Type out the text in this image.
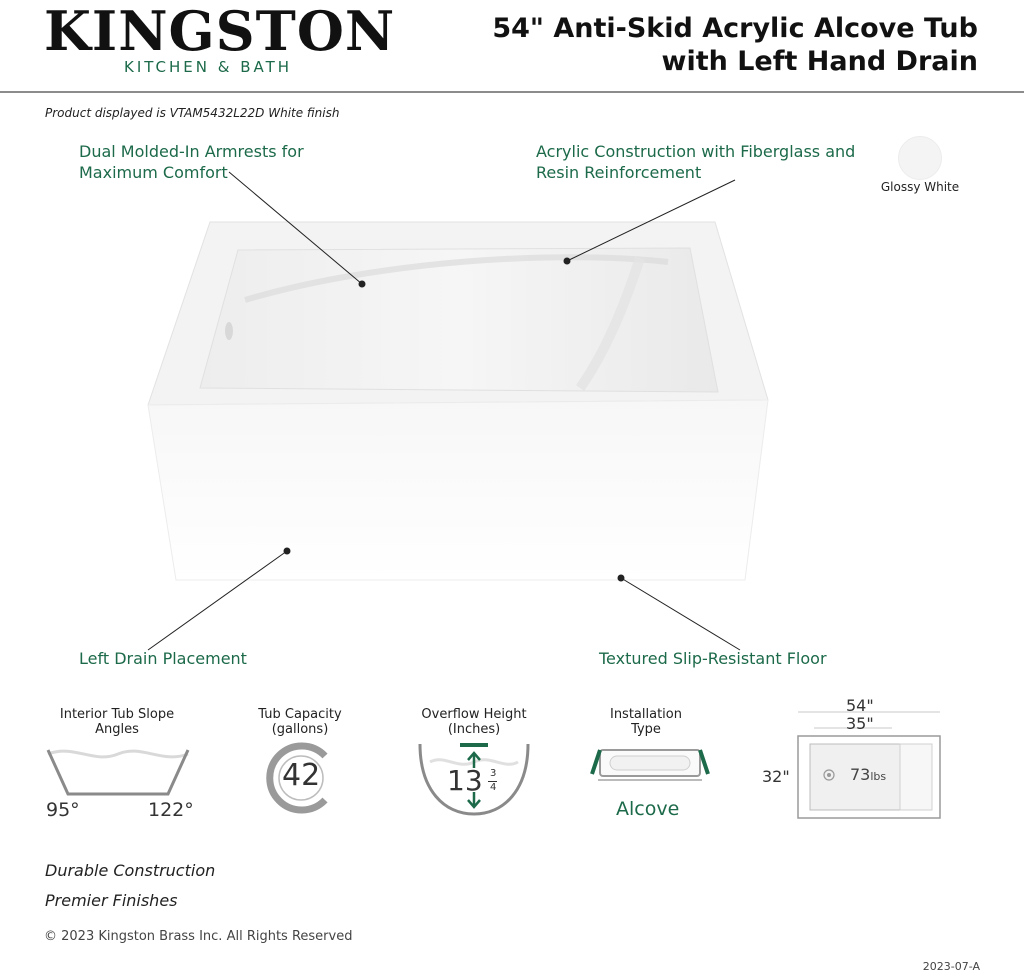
KINGSTON
KITCHEN & BATH
54" Anti-Skid Acrylic Alcove Tub
with Left Hand Drain
Product displayed is VTAM5432L22D White finish
Dual Molded-In Armrests for Maximum Comfort
Acrylic Construction with Fiberglass and Resin Reinforcement
Left Drain Placement	Textured Slip-Resistant Floor
Glossy White
Interior Tub Slope Angles
95°	122°
Tub Capacity (gallons)
42
Overflow Height (Inches)
13 3
4
Installation Type
Alcove
54"
35"
32"	73lbs
Durable Construction
Premier Finishes
© 2023 Kingston Brass Inc. All Rights Reserved
2023-07-A
